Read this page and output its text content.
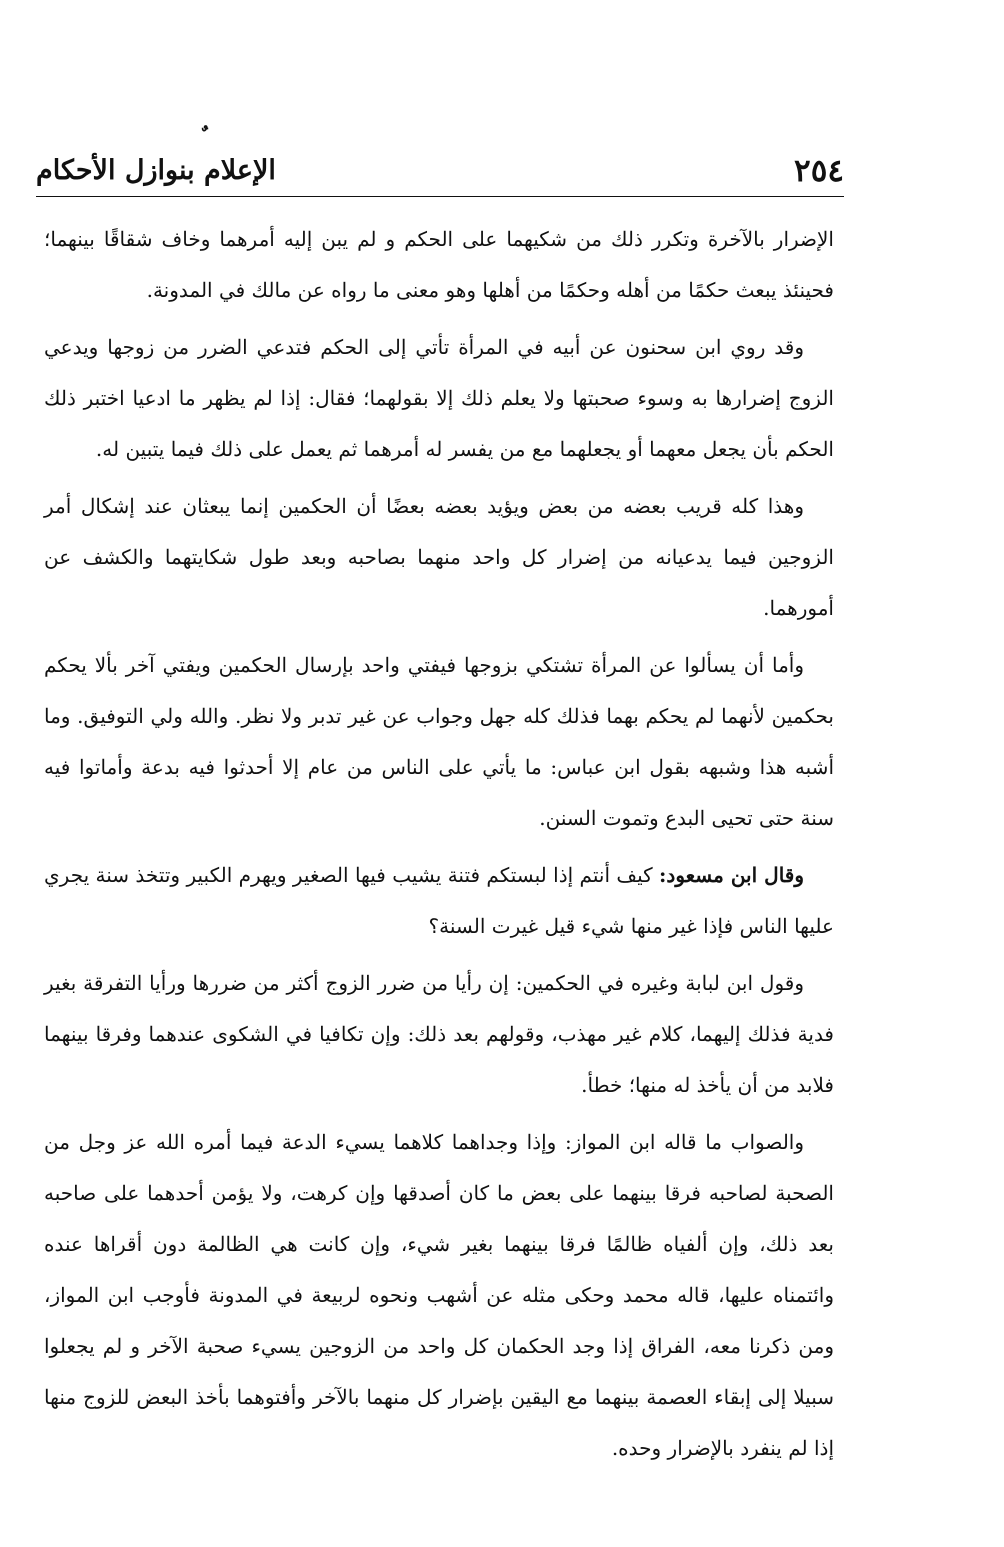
٢٥٤
الإعلام بنوازل الأحكام

الإضرار بالآخرة وتكرر ذلك من شكيهما على الحكم و لم يبن إليه أمرهما وخاف شقاقًا بينهما؛ فحينئذ يبعث حكمًا من أهله وحكمًا من أهلها وهو معنى ما رواه عن مالك في المدونة.

وقد روي ابن سحنون عن أبيه في المرأة تأتي إلى الحكم فتدعي الضرر من زوجها ويدعي الزوج إضرارها به وسوء صحبتها ولا يعلم ذلك إلا بقولهما؛ فقال: إذا لم يظهر ما ادعيا اختبر ذلك الحكم بأن يجعل معهما أو يجعلهما مع من يفسر له أمرهما ثم يعمل على ذلك فيما يتبين له.

وهذا كله قريب بعضه من بعض ويؤيد بعضه بعضًا أن الحكمين إنما يبعثان عند إشكال أمر الزوجين فيما يدعيانه من إضرار كل واحد منهما بصاحبه وبعد طول شكايتهما والكشف عن أمورهما.

وأما أن يسألوا عن المرأة تشتكي بزوجها فيفتي واحد بإرسال الحكمين ويفتي آخر بألا يحكم بحكمين لأنهما لم يحكم بهما فذلك كله جهل وجواب عن غير تدبر ولا نظر. والله ولي التوفيق. وما أشبه هذا وشبهه بقول ابن عباس: ما يأتي على الناس من عام إلا أحدثوا فيه بدعة وأماتوا فيه سنة حتى تحيى البدع وتموت السنن.

وقال ابن مسعود: كيف أنتم إذا لبستكم فتنة يشيب فيها الصغير ويهرم الكبير وتتخذ سنة يجري عليها الناس فإذا غير منها شيء قيل غيرت السنة؟

وقول ابن لبابة وغيره في الحكمين: إن رأيا من ضرر الزوج أكثر من ضررها ورأيا التفرقة بغير فدية فذلك إليهما، كلام غير مهذب، وقولهم بعد ذلك: وإن تكافيا في الشكوى عندهما وفرقا بينهما فلابد من أن يأخذ له منها؛ خطأ.

والصواب ما قاله ابن المواز: وإذا وجداهما كلاهما يسيء الدعة فيما أمره الله عز وجل من الصحبة لصاحبه فرقا بينهما على بعض ما كان أصدقها وإن كرهت، ولا يؤمن أحدهما على صاحبه بعد ذلك، وإن ألفياه ظالمًا فرقا بينهما بغير شيء، وإن كانت هي الظالمة دون أقراها عنده وائتمناه عليها، قاله محمد وحكى مثله عن أشهب ونحوه لربيعة في المدونة فأوجب ابن المواز، ومن ذكرنا معه، الفراق إذا وجد الحكمان كل واحد من الزوجين يسيء صحبة الآخر و لم يجعلوا سبيلا إلى إبقاء العصمة بينهما مع اليقين بإضرار كل منهما بالآخر وأفتوهما بأخذ البعض للزوج منها إذا لم ينفرد بالإضرار وحده.
